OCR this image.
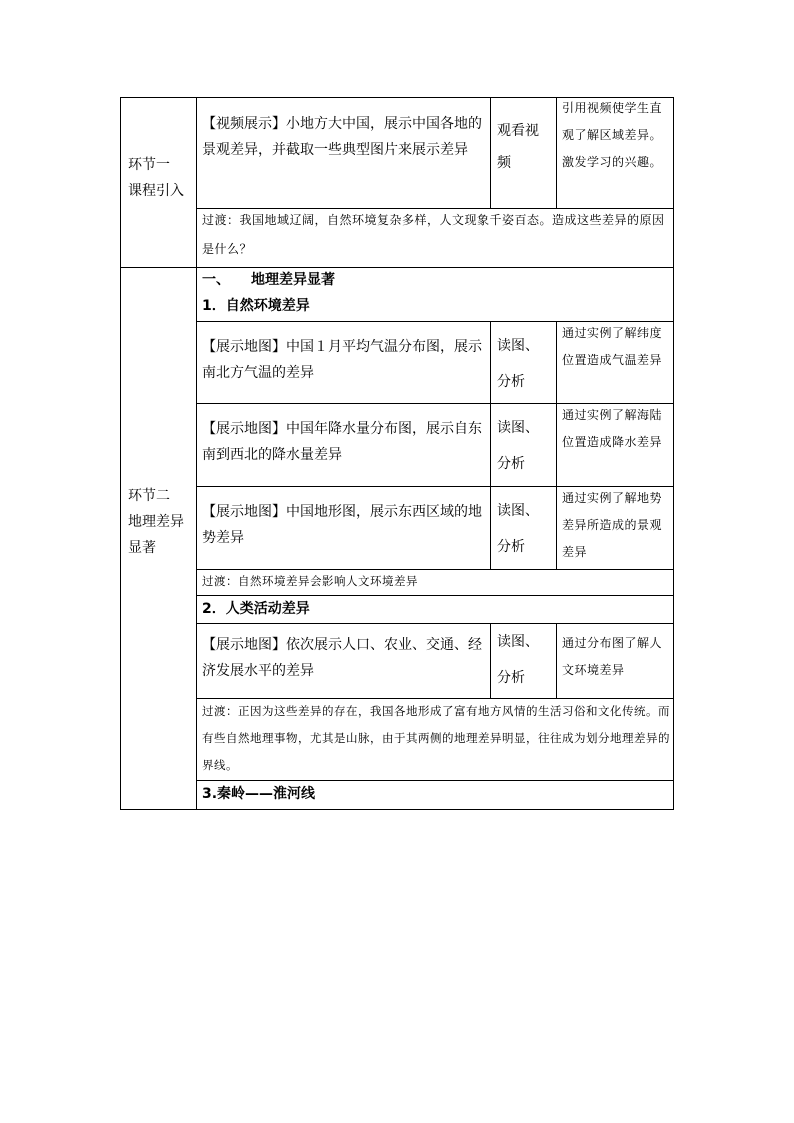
环节一
课程引入
【视频展示】小地方大中国，展示中国各地的景观差异，并截取一些典型图片来展示差异
观看视频
引用视频使学生直观了解区域差异。激发学习的兴趣。
过渡：我国地域辽阔，自然环境复杂多样，人文现象千姿百态。造成这些差异的原因是什么？
环节二
地理差异
显著
一、　　地理差异显著
1．自然环境差异
【展示地图】中国１月平均气温分布图，展示南北方气温的差异
读图、分析
通过实例了解纬度位置造成气温差异
【展示地图】中国年降水量分布图，展示自东南到西北的降水量差异
读图、分析
通过实例了解海陆位置造成降水差异
【展示地图】中国地形图，展示东西区域的地势差异
读图、分析
通过实例了解地势差异所造成的景观差异
过渡：自然环境差异会影响人文环境差异
2．人类活动差异
【展示地图】依次展示人口、农业、交通、经济发展水平的差异
读图、分析
通过分布图了解人文环境差异
过渡：正因为这些差异的存在，我国各地形成了富有地方风情的生活习俗和文化传统。而有些自然地理事物，尤其是山脉，由于其两侧的地理差异明显，往往成为划分地理差异的界线。
3.秦岭——淮河线
